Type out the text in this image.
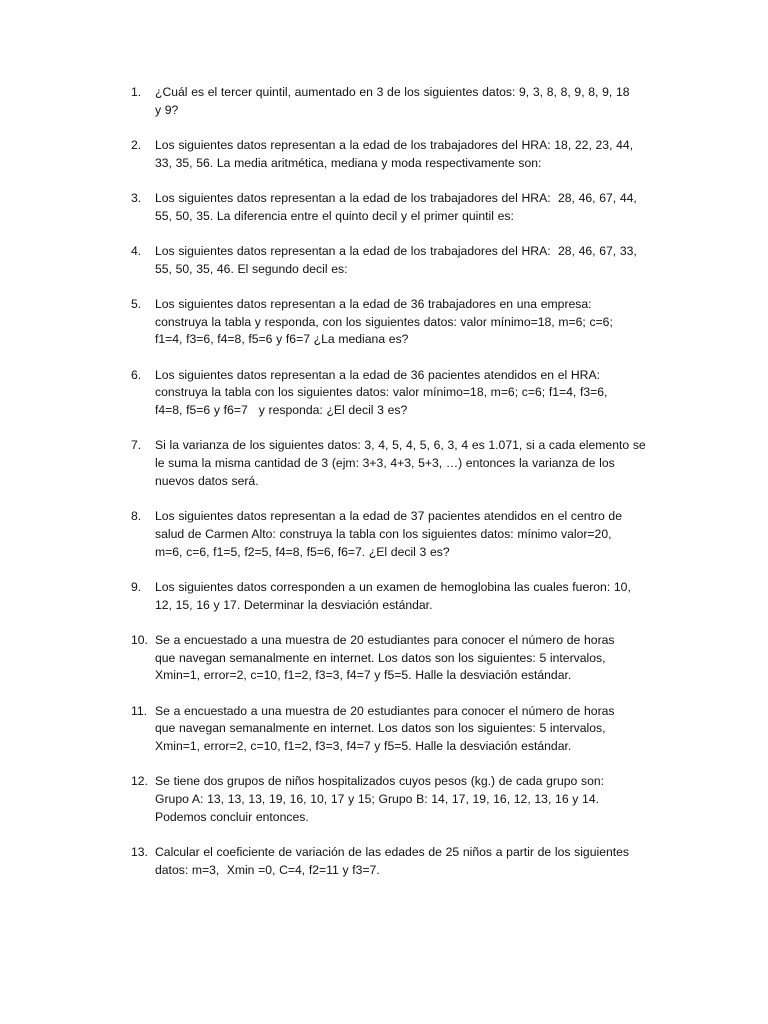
1.	¿Cuál es el tercer quintil, aumentado en 3 de los siguientes datos: 9, 3, 8, 8, 9, 8, 9, 18
y 9?
2.	Los siguientes datos representan a la edad de los trabajadores del HRA: 18, 22, 23, 44,
33, 35, 56. La media aritmética, mediana y moda respectivamente son:
3.	Los siguientes datos representan a la edad de los trabajadores del HRA:  28, 46, 67, 44,
55, 50, 35. La diferencia entre el quinto decil y el primer quintil es:
4.	Los siguientes datos representan a la edad de los trabajadores del HRA:  28, 46, 67, 33,
55, 50, 35, 46. El segundo decil es:
5.	Los siguientes datos representan a la edad de 36 trabajadores en una empresa:
construya la tabla y responda, con los siguientes datos: valor mínimo=18, m=6; c=6;
f1=4, f3=6, f4=8, f5=6 y f6=7 ¿La mediana es?
6.	Los siguientes datos representan a la edad de 36 pacientes atendidos en el HRA:
construya la tabla con los siguientes datos: valor mínimo=18, m=6; c=6; f1=4, f3=6,
f4=8, f5=6 y f6=7   y responda: ¿El decil 3 es?
7.	Si la varianza de los siguientes datos: 3, 4, 5, 4, 5, 6, 3, 4 es 1.071, si a cada elemento se
le suma la misma cantidad de 3 (ejm: 3+3, 4+3, 5+3, …) entonces la varianza de los
nuevos datos será.
8.	Los siguientes datos representan a la edad de 37 pacientes atendidos en el centro de
salud de Carmen Alto: construya la tabla con los siguientes datos: mínimo valor=20,
m=6, c=6, f1=5, f2=5, f4=8, f5=6, f6=7. ¿El decil 3 es?
9.	Los siguientes datos corresponden a un examen de hemoglobina las cuales fueron: 10,
12, 15, 16 y 17. Determinar la desviación estándar.
10. Se a encuestado a una muestra de 20 estudiantes para conocer el número de horas
que navegan semanalmente en internet. Los datos son los siguientes: 5 intervalos,
Xmin=1, error=2, c=10, f1=2, f3=3, f4=7 y f5=5. Halle la desviación estándar.
11. Se a encuestado a una muestra de 20 estudiantes para conocer el número de horas
que navegan semanalmente en internet. Los datos son los siguientes: 5 intervalos,
Xmin=1, error=2, c=10, f1=2, f3=3, f4=7 y f5=5. Halle la desviación estándar.
12. Se tiene dos grupos de niños hospitalizados cuyos pesos (kg.) de cada grupo son:
Grupo A: 13, 13, 13, 19, 16, 10, 17 y 15; Grupo B: 14, 17, 19, 16, 12, 13, 16 y 14.
Podemos concluir entonces.
13. Calcular el coeficiente de variación de las edades de 25 niños a partir de los siguientes
datos: m=3,  Xmin =0, C=4, f2=11 y f3=7.
